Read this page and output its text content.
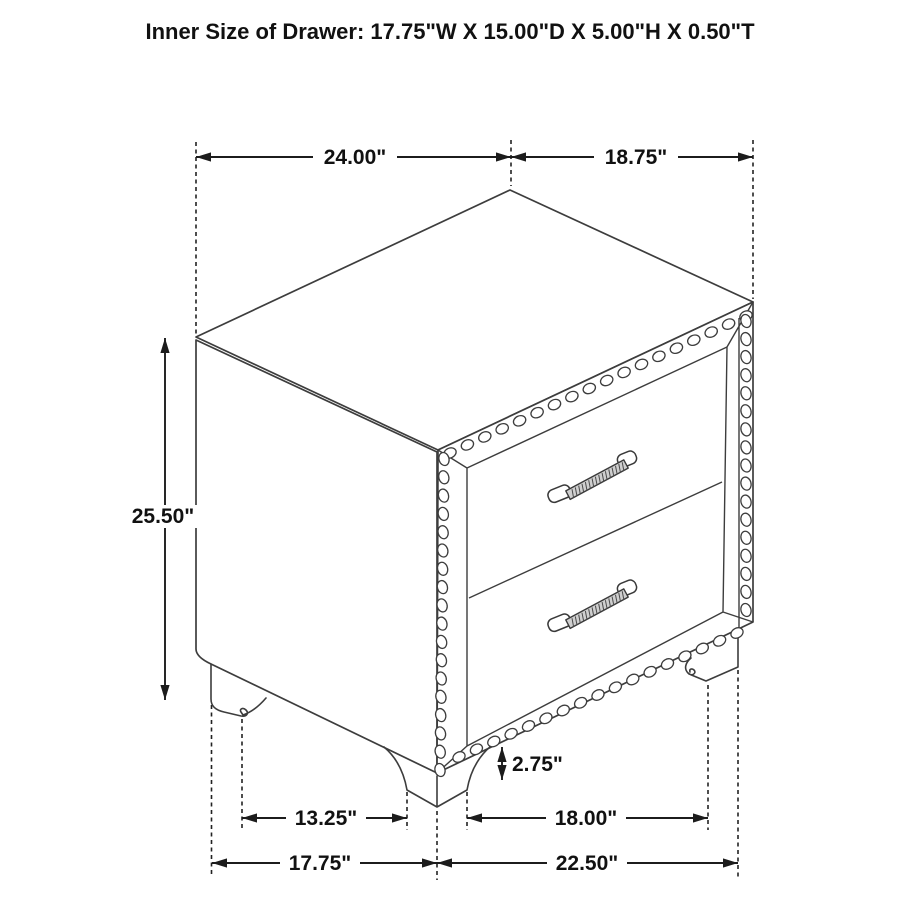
Inner Size of Drawer: 17.75"W X 15.00"D X 5.00"H X 0.50"T
24.00"	18.75"
25.50"
13.25"	18.00"
2.75"
17.75"	22.50"
